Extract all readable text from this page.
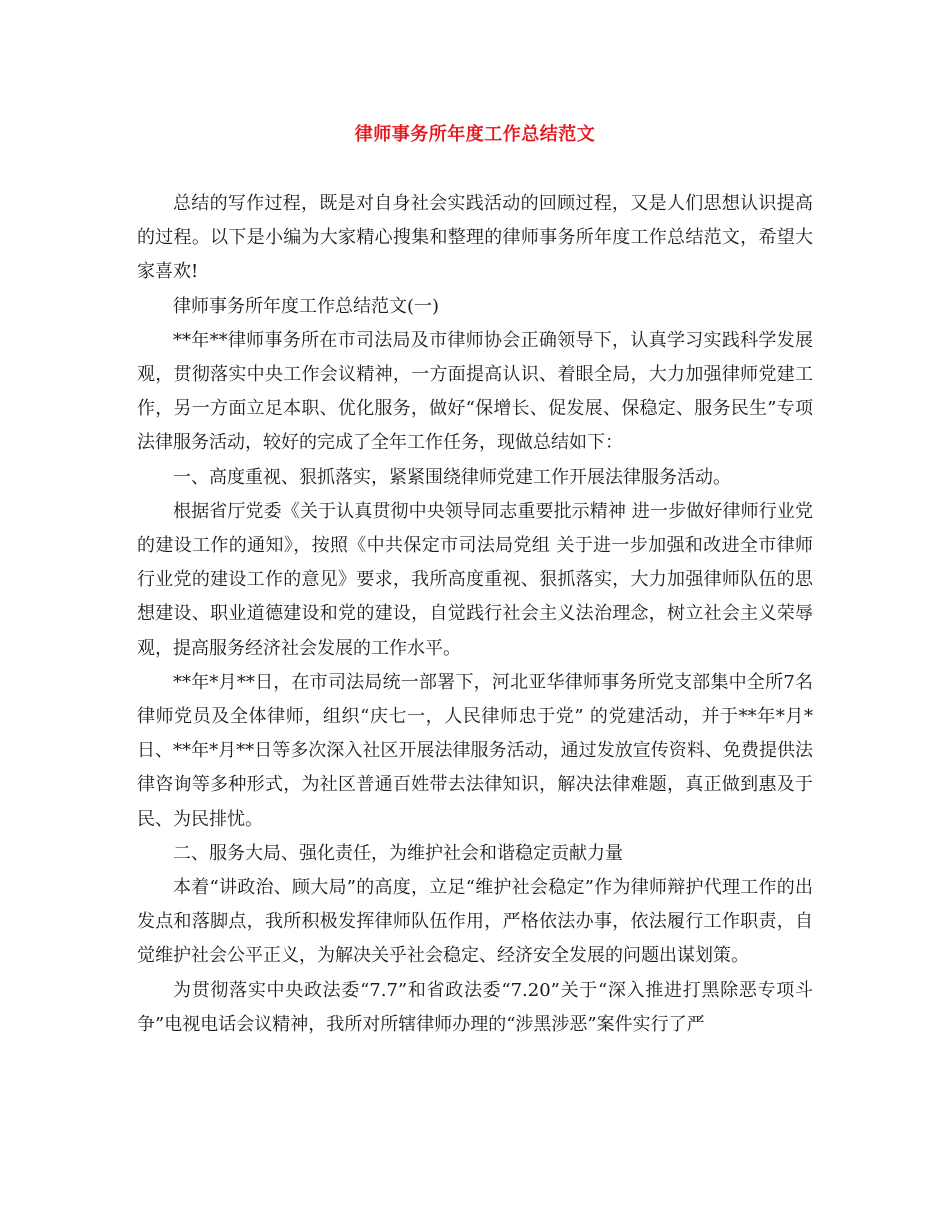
律师事务所年度工作总结范文

总结的写作过程，既是对自身社会实践活动的回顾过程，又是人们思想认识提高的过程。以下是小编为大家精心搜集和整理的律师事务所年度工作总结范文，希望大家喜欢!

律师事务所年度工作总结范文(一)

**年**律师事务所在市司法局及市律师协会正确领导下，认真学习实践科学发展观，贯彻落实中央工作会议精神，一方面提高认识、着眼全局，大力加强律师党建工作，另一方面立足本职、优化服务，做好“保增长、促发展、保稳定、服务民生”专项法律服务活动，较好的完成了全年工作任务，现做总结如下：

一、高度重视、狠抓落实，紧紧围绕律师党建工作开展法律服务活动。

根据省厅党委《关于认真贯彻中央领导同志重要批示精神 进一步做好律师行业党的建设工作的通知》，按照《中共保定市司法局党组 关于进一步加强和改进全市律师行业党的建设工作的意见》要求，我所高度重视、狠抓落实，大力加强律师队伍的思想建设、职业道德建设和党的建设，自觉践行社会主义法治理念，树立社会主义荣辱观，提高服务经济社会发展的工作水平。

**年*月**日，在市司法局统一部署下，河北亚华律师事务所党支部集中全所7名律师党员及全体律师，组织“庆七一，人民律师忠于党” 的党建活动，并于**年*月*日、**年*月**日等多次深入社区开展法律服务活动，通过发放宣传资料、免费提供法律咨询等多种形式，为社区普通百姓带去法律知识，解决法律难题，真正做到惠及于民、为民排忧。

二、服务大局、强化责任，为维护社会和谐稳定贡献力量

本着“讲政治、顾大局”的高度，立足“维护社会稳定”作为律师辩护代理工作的出发点和落脚点，我所积极发挥律师队伍作用，严格依法办事，依法履行工作职责，自觉维护社会公平正义，为解决关乎社会稳定、经济安全发展的问题出谋划策。

为贯彻落实中央政法委“7.7”和省政法委“7.20”关于“深入推进打黑除恶专项斗争”电视电话会议精神，我所对所辖律师办理的“涉黑涉恶”案件实行了严
